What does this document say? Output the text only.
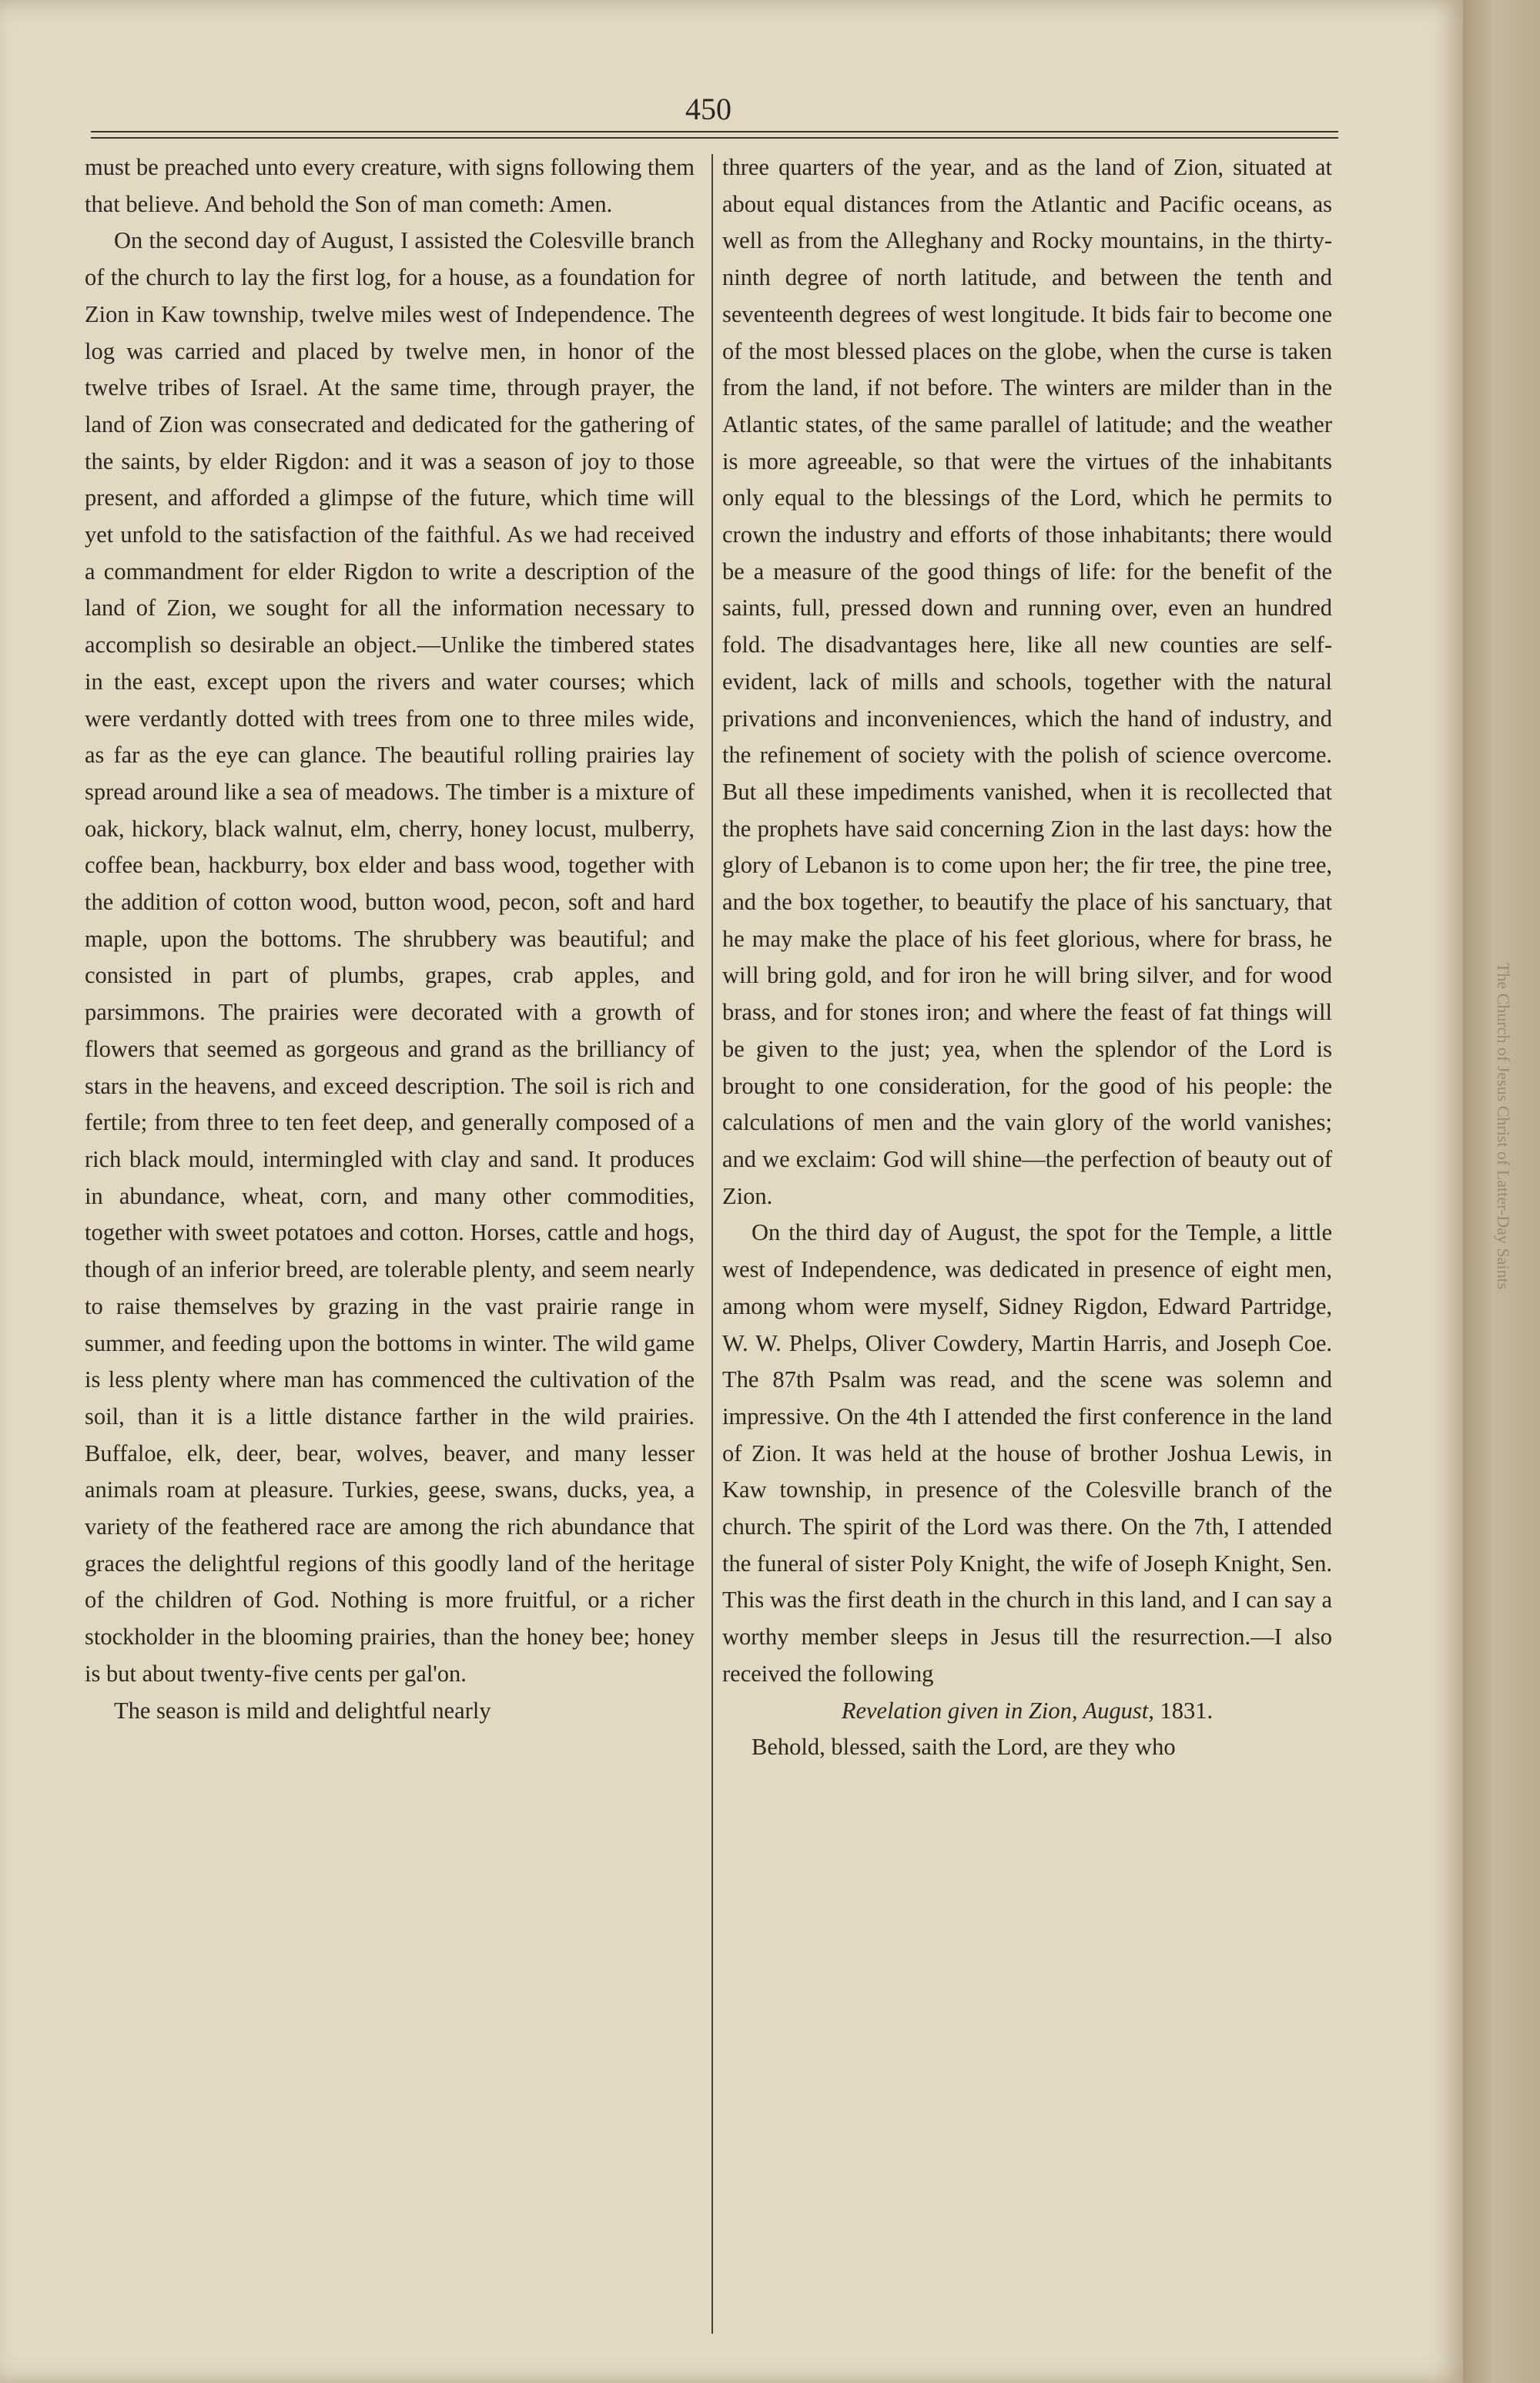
450

must be preached unto every creature, with signs following them that believe. And behold the Son of man cometh: Amen.

On the second day of August, I assisted the Colesville branch of the church to lay the first log, for a house, as a foundation for Zion in Kaw township, twelve miles west of Independence. The log was carried and placed by twelve men, in honor of the twelve tribes of Israel. At the same time, through prayer, the land of Zion was consecrated and dedicated for the gathering of the saints, by elder Rigdon: and it was a season of joy to those present, and afforded a glimpse of the future, which time will yet unfold to the satisfaction of the faithful. As we had received a commandment for elder Rigdon to write a description of the land of Zion, we sought for all the information necessary to accomplish so desirable an object.—Unlike the timbered states in the east, except upon the rivers and water courses; which were verdantly dotted with trees from one to three miles wide, as far as the eye can glance. The beautiful rolling prairies lay spread around like a sea of meadows. The timber is a mixture of oak, hickory, black walnut, elm, cherry, honey locust, mulberry, coffee bean, hackburry, box elder and bass wood, together with the addition of cotton wood, button wood, pecon, soft and hard maple, upon the bottoms. The shrubbery was beautiful; and consisted in part of plumbs, grapes, crab apples, and parsimmons. The prairies were decorated with a growth of flowers that seemed as gorgeous and grand as the brilliancy of stars in the heavens, and exceed description. The soil is rich and fertile; from three to ten feet deep, and generally composed of a rich black mould, intermingled with clay and sand. It produces in abundance, wheat, corn, and many other commodities, together with sweet potatoes and cotton. Horses, cattle and hogs, though of an inferior breed, are tolerable plenty, and seem nearly to raise themselves by grazing in the vast prairie range in summer, and feeding upon the bottoms in winter. The wild game is less plenty where man has commenced the cultivation of the soil, than it is a little distance farther in the wild prairies. Buffaloe, elk, deer, bear, wolves, beaver, and many lesser animals roam at pleasure. Turkies, geese, swans, ducks, yea, a variety of the feathered race are among the rich abundance that graces the delightful regions of this goodly land of the heritage of the children of God. Nothing is more fruitful, or a richer stockholder in the blooming prairies, than the honey bee; honey is but about twenty-five cents per gal'on.

The season is mild and delightful nearly

three quarters of the year, and as the land of Zion, situated at about equal distances from the Atlantic and Pacific oceans, as well as from the Alleghany and Rocky mountains, in the thirty-ninth degree of north latitude, and between the tenth and seventeenth degrees of west longitude. It bids fair to become one of the most blessed places on the globe, when the curse is taken from the land, if not before. The winters are milder than in the Atlantic states, of the same parallel of latitude; and the weather is more agreeable, so that were the virtues of the inhabitants only equal to the blessings of the Lord, which he permits to crown the industry and efforts of those inhabitants; there would be a measure of the good things of life: for the benefit of the saints, full, pressed down and running over, even an hundred fold. The disadvantages here, like all new counties are self-evident, lack of mills and schools, together with the natural privations and inconveniences, which the hand of industry, and the refinement of society with the polish of science overcome. But all these impediments vanished, when it is recollected that the prophets have said concerning Zion in the last days: how the glory of Lebanon is to come upon her; the fir tree, the pine tree, and the box together, to beautify the place of his sanctuary, that he may make the place of his feet glorious, where for brass, he will bring gold, and for iron he will bring silver, and for wood brass, and for stones iron; and where the feast of fat things will be given to the just; yea, when the splendor of the Lord is brought to one consideration, for the good of his people: the calculations of men and the vain glory of the world vanishes; and we exclaim: God will shine—the perfection of beauty out of Zion.

On the third day of August, the spot for the Temple, a little west of Independence, was dedicated in presence of eight men, among whom were myself, Sidney Rigdon, Edward Partridge, W. W. Phelps, Oliver Cowdery, Martin Harris, and Joseph Coe. The 87th Psalm was read, and the scene was solemn and impressive. On the 4th I attended the first conference in the land of Zion. It was held at the house of brother Joshua Lewis, in Kaw township, in presence of the Colesville branch of the church. The spirit of the Lord was there. On the 7th, I attended the funeral of sister Poly Knight, the wife of Joseph Knight, Sen. This was the first death in the church in this land, and I can say a worthy member sleeps in Jesus till the resurrection.—I also received the following

Revelation given in Zion, August, 1831.

Behold, blessed, saith the Lord, are they who

The Church of Jesus Christ of Latter-Day Saints
